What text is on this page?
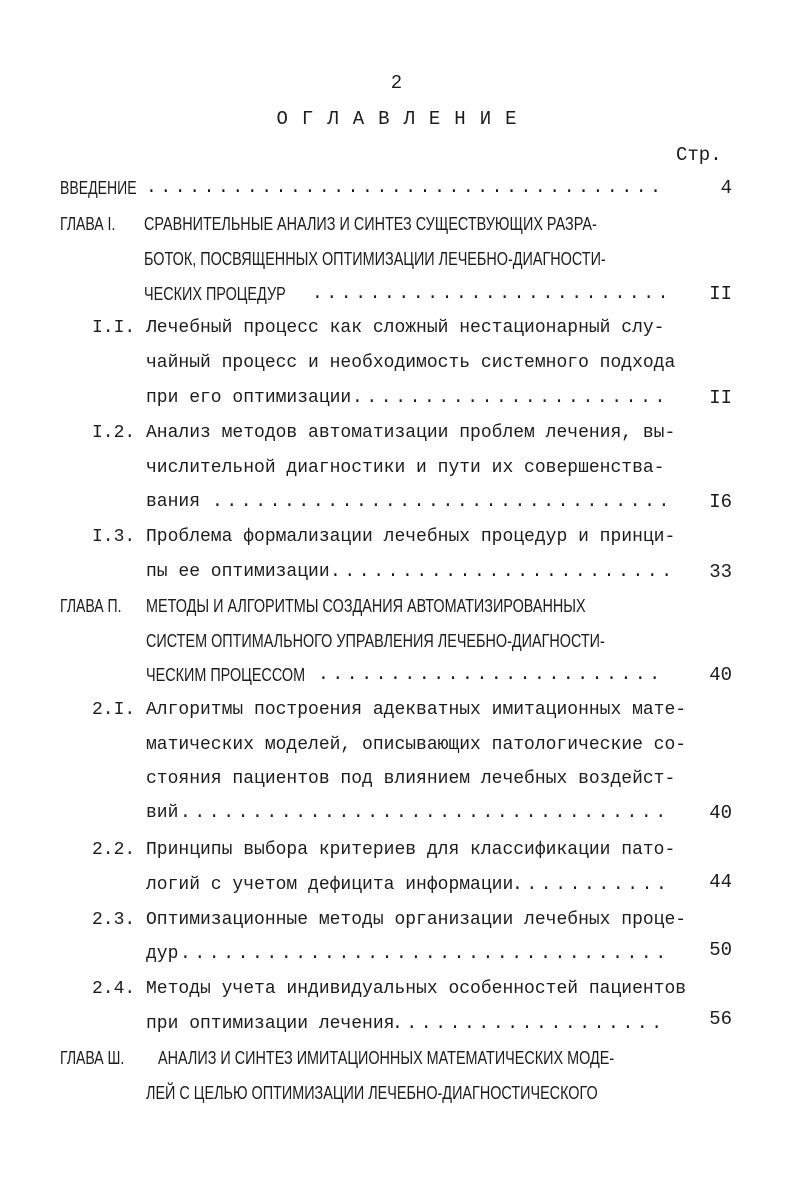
2
ОГЛАВЛЕНИЕ
Стр.
ВВЕДЕНИЕ . . .	4
ГЛАВА I. СРАВНИТЕЛЬНЫЕ АНАЛИЗ И СИНТЕЗ СУЩЕСТВУЮЩИХ РАЗРА-
БОТОК, ПОСВЯЩЕННЫХ ОПТИМИЗАЦИИ ЛЕЧЕБНО-ДИАГНОСТИ-
ЧЕСКИХ ПРОЦЕДУР . . .	II
I.I. Лечебный процесс как сложный нестационарный слу-
чайный процесс и необходимость системного подхода
при его оптимизации . . .	II
I.2. Анализ методов автоматизации проблем лечения, вы-
числительной диагностики и пути их совершенства-
вания . . .	I6
I.3. Проблема формализации лечебных процедур и принци-
пы ее оптимизации . . .	33
ГЛАВА П. МЕТОДЫ И АЛГОРИТМЫ СОЗДАНИЯ АВТОМАТИЗИРОВАННЫХ
СИСТЕМ ОПТИМАЛЬНОГО УПРАВЛЕНИЯ ЛЕЧЕБНО-ДИАГНОСТИ-
ЧЕСКИМ ПРОЦЕССОМ . . .	40
2.I. Алгоритмы построения адекватных имитационных мате-
матических моделей, описывающих патологические со-
стояния пациентов под влиянием лечебных воздейст-
вий . . .	40
2.2. Принципы выбора критериев для классификации пато-
логий с учетом дефицита информации . . .	44
2.3. Оптимизационные методы организации лечебных проце-
дур . . .	50
2.4. Методы учета индивидуальных особенностей пациентов
при оптимизации лечения . . .	56
ГЛАВА Ш. АНАЛИЗ И СИНТЕЗ ИМИТАЦИОННЫХ МАТЕМАТИЧЕСКИХ МОДЕ-
ЛЕЙ С ЦЕЛЬЮ ОПТИМИЗАЦИИ ЛЕЧЕБНО-ДИАГНОСТИЧЕСКОГО
